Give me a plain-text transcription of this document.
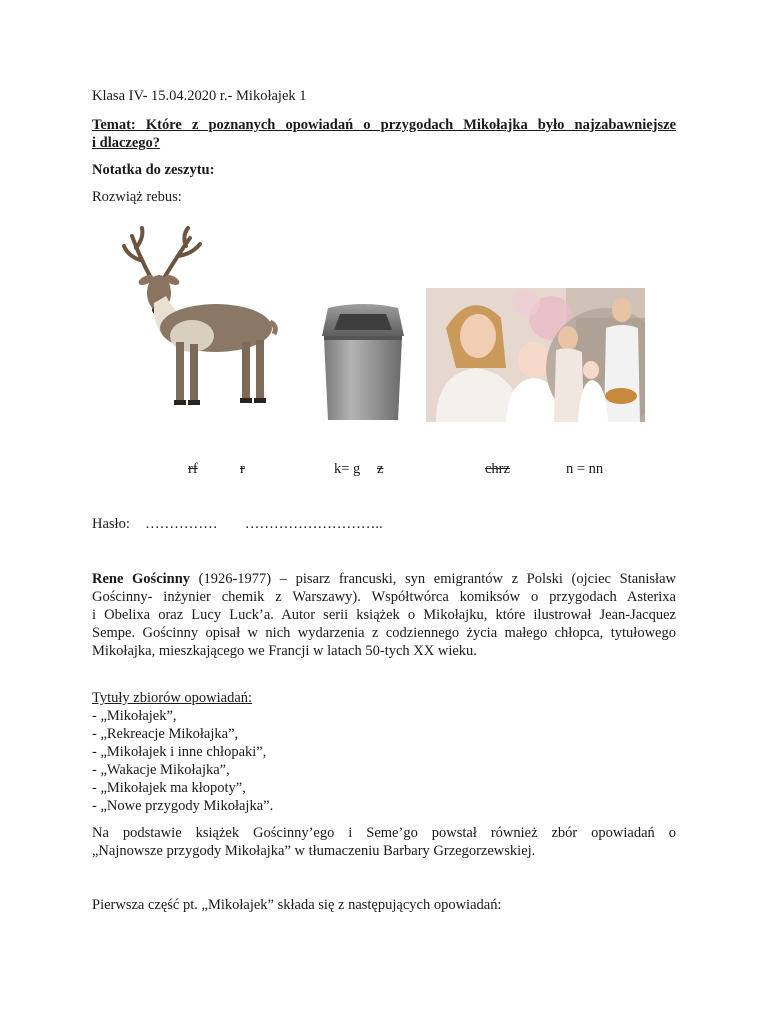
Klasa IV- 15.04.2020 r.- Mikołajek 1
Temat: Które z poznanych opowiadań o przygodach Mikołajka było najzabawniejsze
i dlaczego?
Notatka do zeszytu:
Rozwiąż rebus:
rf	r	k= g z	chrz	n = nn
Hasło: …………… ………………………..
Rene Gościnny (1926-1977) – pisarz francuski, syn emigrantów z Polski (ojciec Stanisław
Gościnny- inżynier chemik z Warszawy). Współtwórca komiksów o przygodach Asterixa
i Obelixa oraz Lucy Luck’a. Autor serii książek o Mikołajku, które ilustrował Jean-Jacquez
Sempe. Gościnny opisał w nich wydarzenia z codziennego życia małego chłopca, tytułowego
Mikołajka, mieszkającego we Francji w latach 50-tych XX wieku.
Tytuły zbiorów opowiadań:
- „Mikołajek”,
- „Rekreacje Mikołajka”,
- „Mikołajek i inne chłopaki”,
- „Wakacje Mikołajka”,
- „Mikołajek ma kłopoty”,
- „Nowe przygody Mikołajka”.
Na podstawie książek Gościnny’ego i Seme’go powstał również zbór opowiadań o
„Najnowsze przygody Mikołajka” w tłumaczeniu Barbary Grzegorzewskiej.
Pierwsza część pt. „Mikołajek” składa się z następujących opowiadań:
